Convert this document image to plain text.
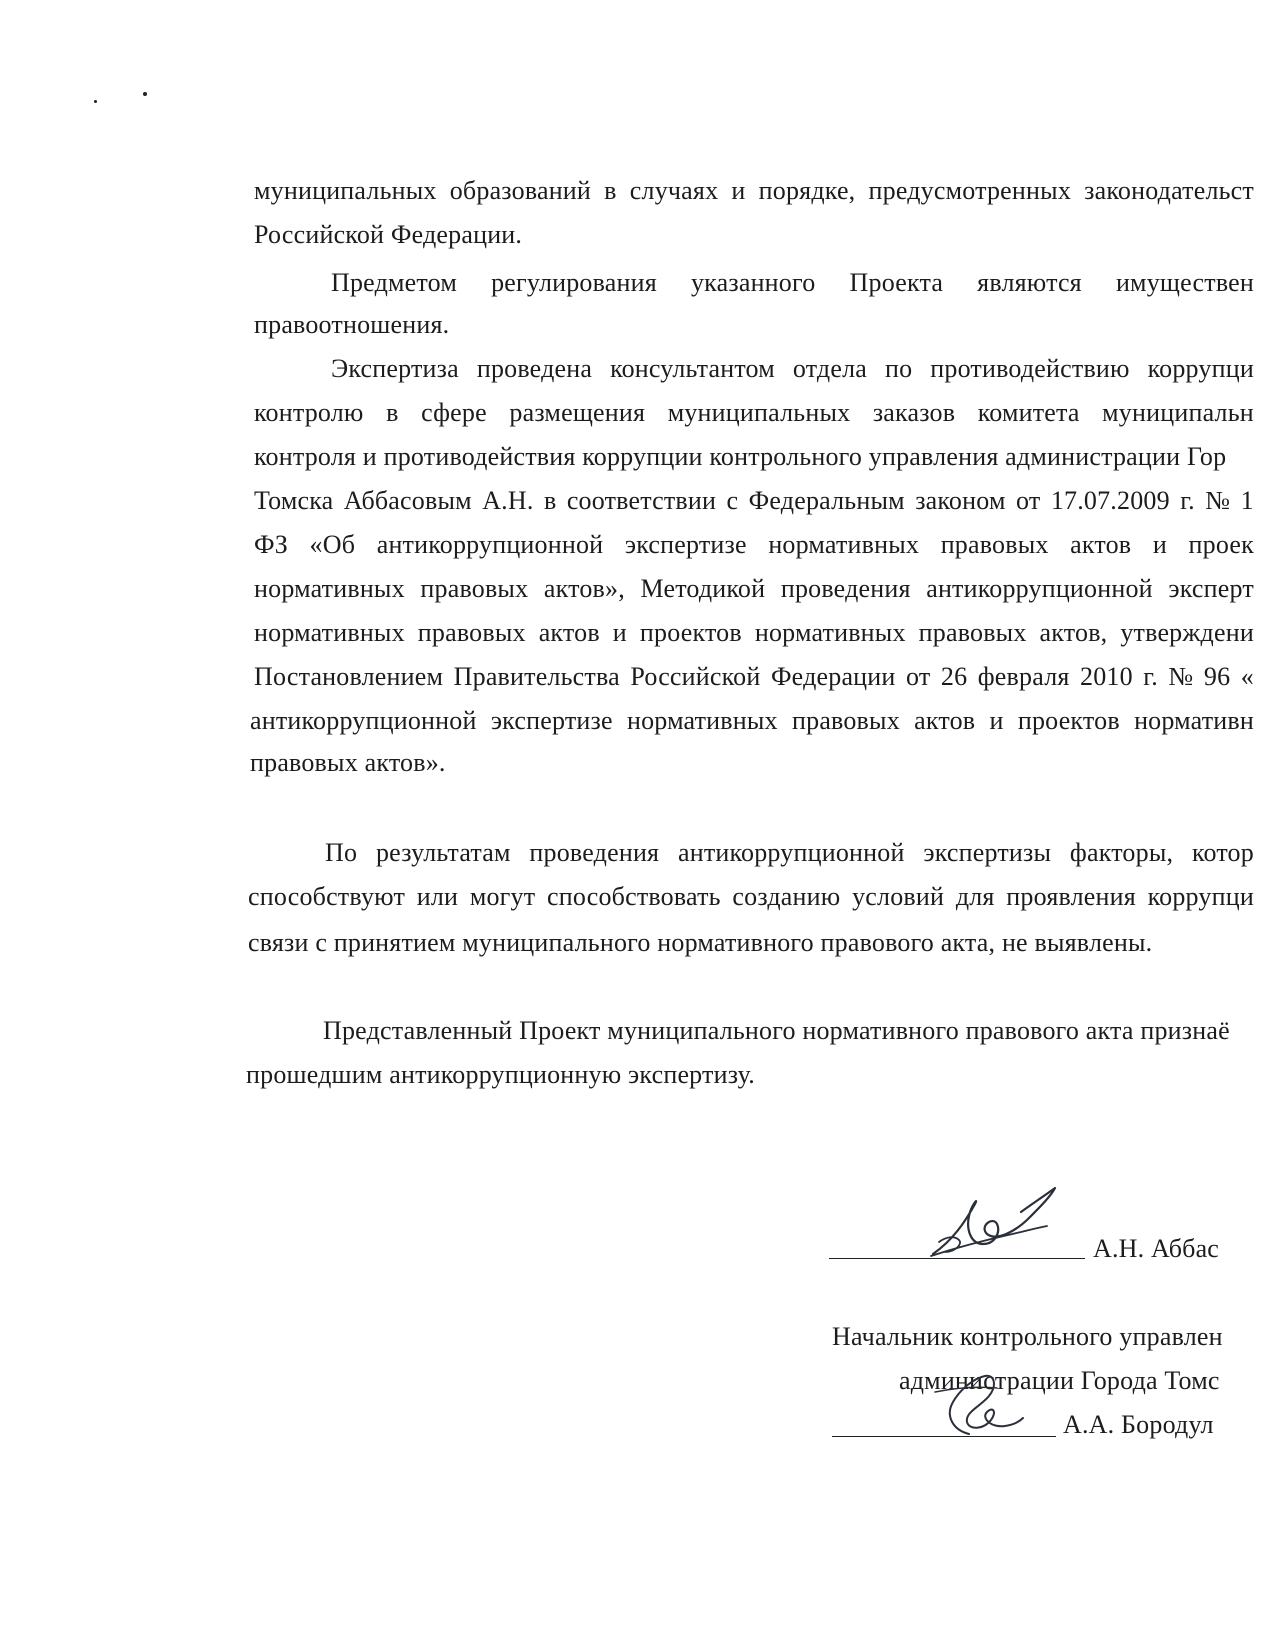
муниципальных образований в случаях и порядке, предусмотренных законодательст
Российской Федерации.
Предметом регулирования указанного Проекта являются имуществен
правоотношения.
Экспертиза проведена консультантом отдела по противодействию коррупци
контролю в сфере размещения муниципальных заказов комитета муниципальн
контроля и противодействия коррупции контрольного управления администрации Гор
Томска Аббасовым А.Н. в соответствии с Федеральным законом от 17.07.2009 г. № 1
ФЗ «Об антикоррупционной экспертизе нормативных правовых актов и проек
нормативных правовых актов», Методикой проведения антикоррупционной эксперт
нормативных правовых актов и проектов нормативных правовых актов, утверждени
Постановлением Правительства Российской Федерации от 26 февраля 2010 г. № 96 «
антикоррупционной экспертизе нормативных правовых актов и проектов нормативн
правовых актов».
По результатам проведения антикоррупционной экспертизы факторы, котор
способствуют или могут способствовать созданию условий для проявления коррупци
связи с принятием муниципального нормативного правового акта, не выявлены.
Представленный Проект муниципального нормативного правового акта признаё
прошедшим антикоррупционную экспертизу.
А.Н. Аббас
Начальник контрольного управлен
администрации Города Томс
А.А. Бородул
